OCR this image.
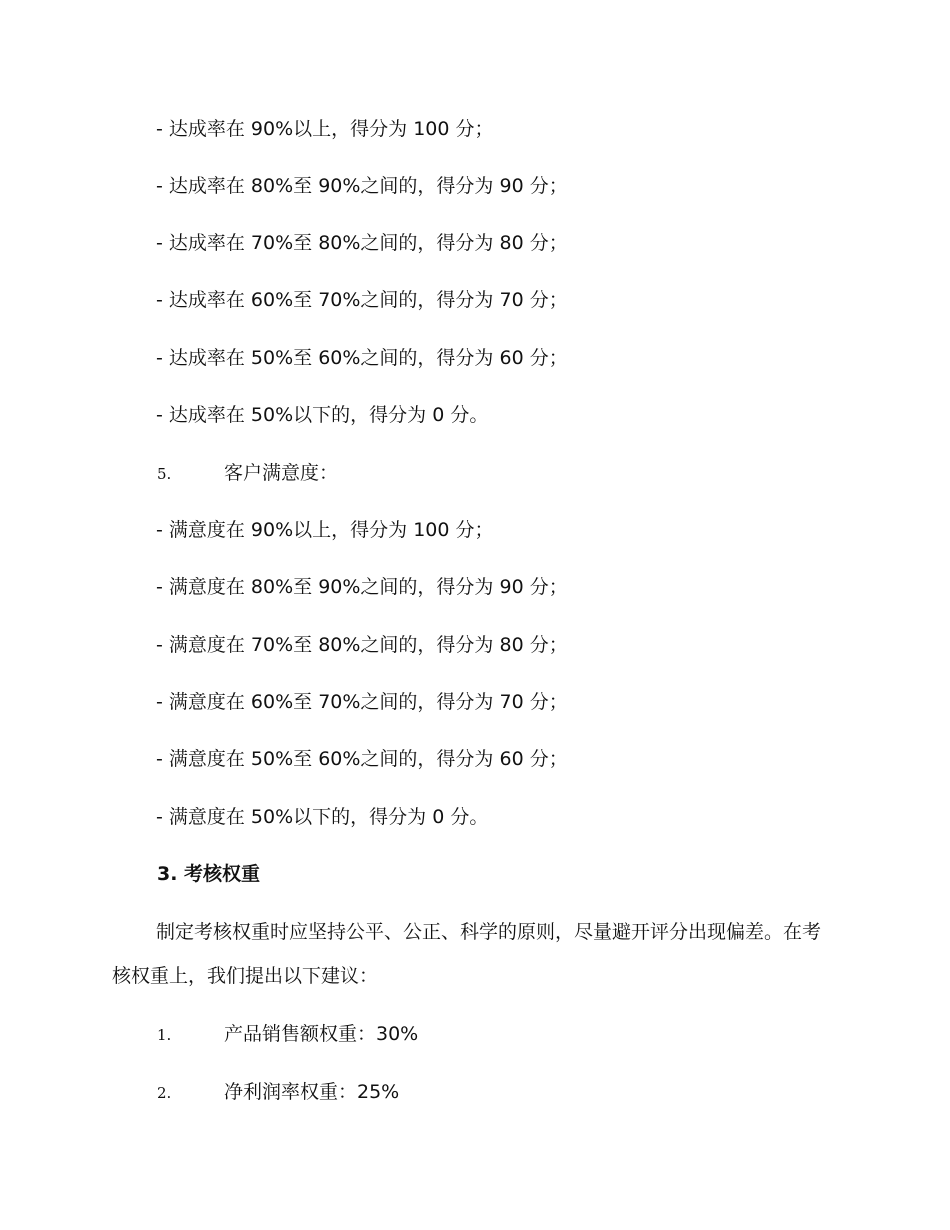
- 达成率在 90%以上，得分为 100 分；
- 达成率在 80%至 90%之间的，得分为 90 分；
- 达成率在 70%至 80%之间的，得分为 80 分；
- 达成率在 60%至 70%之间的，得分为 70 分；
- 达成率在 50%至 60%之间的，得分为 60 分；
- 达成率在 50%以下的，得分为 0 分。
5.	客户满意度：
- 满意度在 90%以上，得分为 100 分；
- 满意度在 80%至 90%之间的，得分为 90 分；
- 满意度在 70%至 80%之间的，得分为 80 分；
- 满意度在 60%至 70%之间的，得分为 70 分；
- 满意度在 50%至 60%之间的，得分为 60 分；
- 满意度在 50%以下的，得分为 0 分。
3. 考核权重
制定考核权重时应坚持公平、公正、科学的原则，尽量避开评分出现偏差。在考核权重上，我们提出以下建议：
1.	产品销售额权重：30%
2.	净利润率权重：25%
